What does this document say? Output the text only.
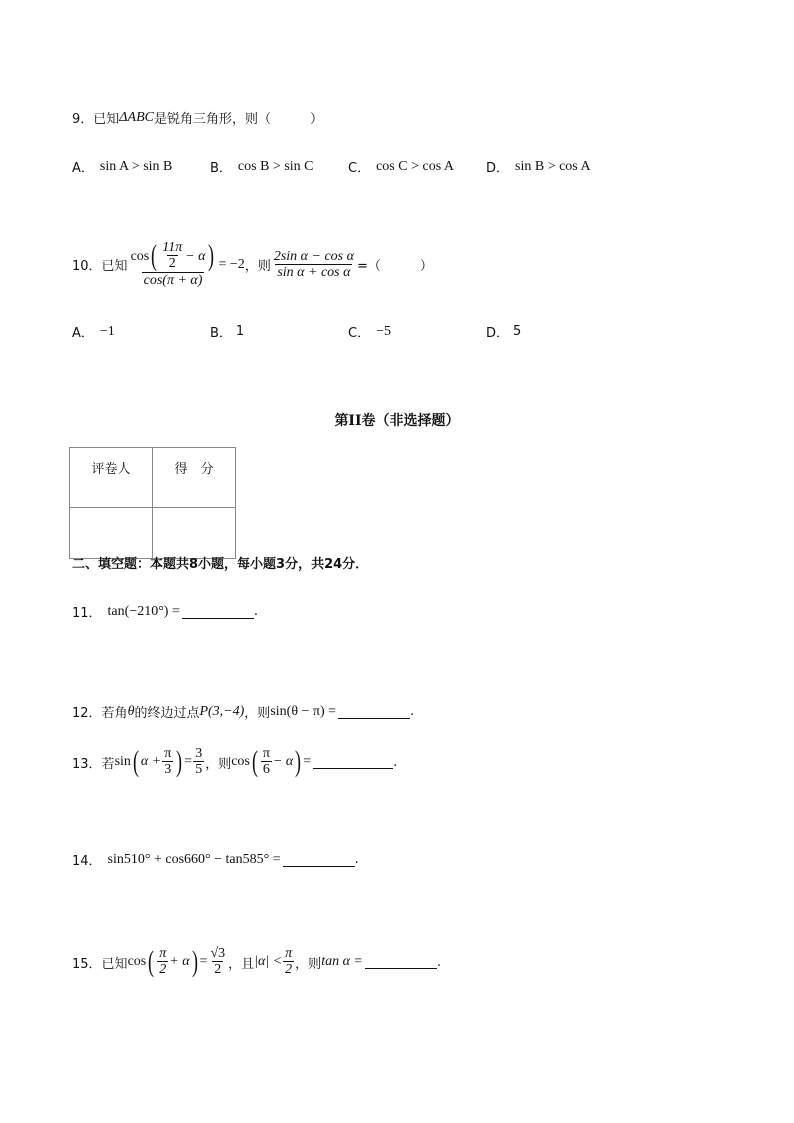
9． 已知 ΔABC 是锐角三角形，则（　　　）
A． sin A > sin B	B． cos B > sin C	C． cos C > cos A D． sin B > cos A
10． 已知
cos ( $\frac{11\pi}{2} - \alpha$ )
cos(π + α)
= −2 ，则 $\frac{\text{2sin α − cos α}}{\text{sin α + cos α}}$ =（　　　）
A． −1	B． 1	C． −5	D． 5
第II卷（非选择题）
评卷人	得　分

二、填空题：本题共8小题，每小题3分，共24分．
11． tan(−210°) =	.
12． 若角 θ 的终边过点 P(3,−4) ，则 sin(θ − π) =	.
13． 若 sin ( $\alpha + \frac{\pi}{3}$ ) = $\frac{3}{5}$ ，则 cos ( $\frac{\pi}{6} - \alpha$ ) =	.
14． sin510° + cos660° − tan585° =	.
15． 已知 cos ( $\frac{\pi}{2} + \alpha$ ) = $\frac{√3}{2}$ ，且 $|\alpha| < \frac{\pi}{2}$ ，则 tan α =	.
